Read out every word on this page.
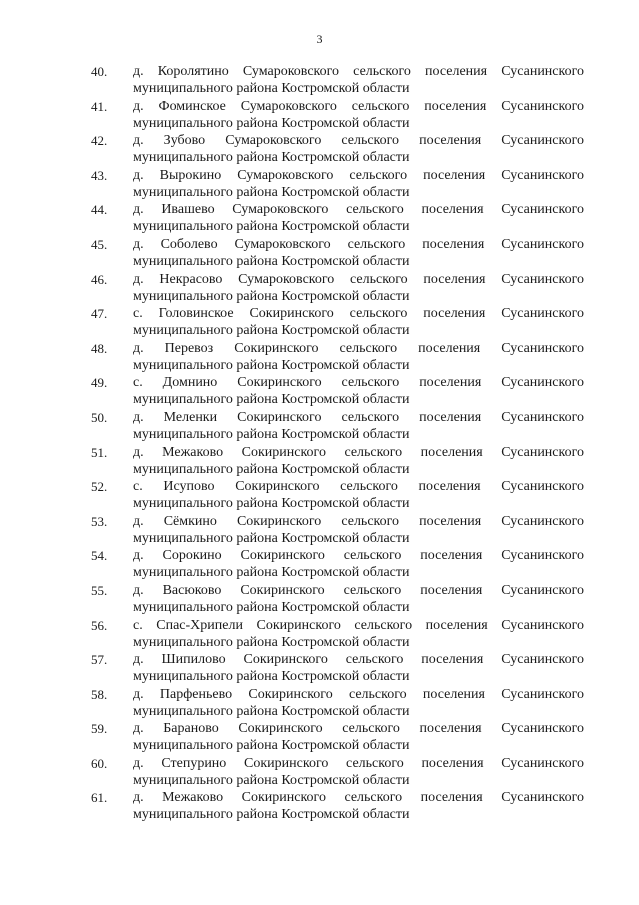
3
40. д. Королятино Сумароковского сельского поселения Сусанинского
муниципального района Костромской области
41. д. Фоминское Сумароковского сельского поселения Сусанинского
муниципального района Костромской области
42. д. Зубово Сумароковского сельского поселения Сусанинского
муниципального района Костромской области
43. д. Вырокино Сумароковского сельского поселения Сусанинского
муниципального района Костромской области
44. д. Ивашево Сумароковского сельского поселения Сусанинского
муниципального района Костромской области
45. д. Соболево Сумароковского сельского поселения Сусанинского
муниципального района Костромской области
46. д. Некрасово Сумароковского сельского поселения Сусанинского
муниципального района Костромской области
47. с. Головинское Сокиринского сельского поселения Сусанинского
муниципального района Костромской области
48. д. Перевоз Сокиринского сельского поселения Сусанинского
муниципального района Костромской области
49. с. Домнино Сокиринского сельского поселения Сусанинского
муниципального района Костромской области
50. д. Меленки Сокиринского сельского поселения Сусанинского
муниципального района Костромской области
51. д. Межаково Сокиринского сельского поселения Сусанинского
муниципального района Костромской области
52. с. Исупово Сокиринского сельского поселения Сусанинского
муниципального района Костромской области
53. д. Сёмкино Сокиринского сельского поселения Сусанинского
муниципального района Костромской области
54. д. Сорокино Сокиринского сельского поселения Сусанинского
муниципального района Костромской области
55. д. Васюково Сокиринского сельского поселения Сусанинского
муниципального района Костромской области
56. с. Спас-Хрипели Сокиринского сельского поселения Сусанинского
муниципального района Костромской области
57. д. Шипилово Сокиринского сельского поселения Сусанинского
муниципального района Костромской области
58. д. Парфеньево Сокиринского сельского поселения Сусанинского
муниципального района Костромской области
59. д. Бараново Сокиринского сельского поселения Сусанинского
муниципального района Костромской области
60. д. Степурино Сокиринского сельского поселения Сусанинского
муниципального района Костромской области
61. д. Межаково Сокиринского сельского поселения Сусанинского
муниципального района Костромской области
